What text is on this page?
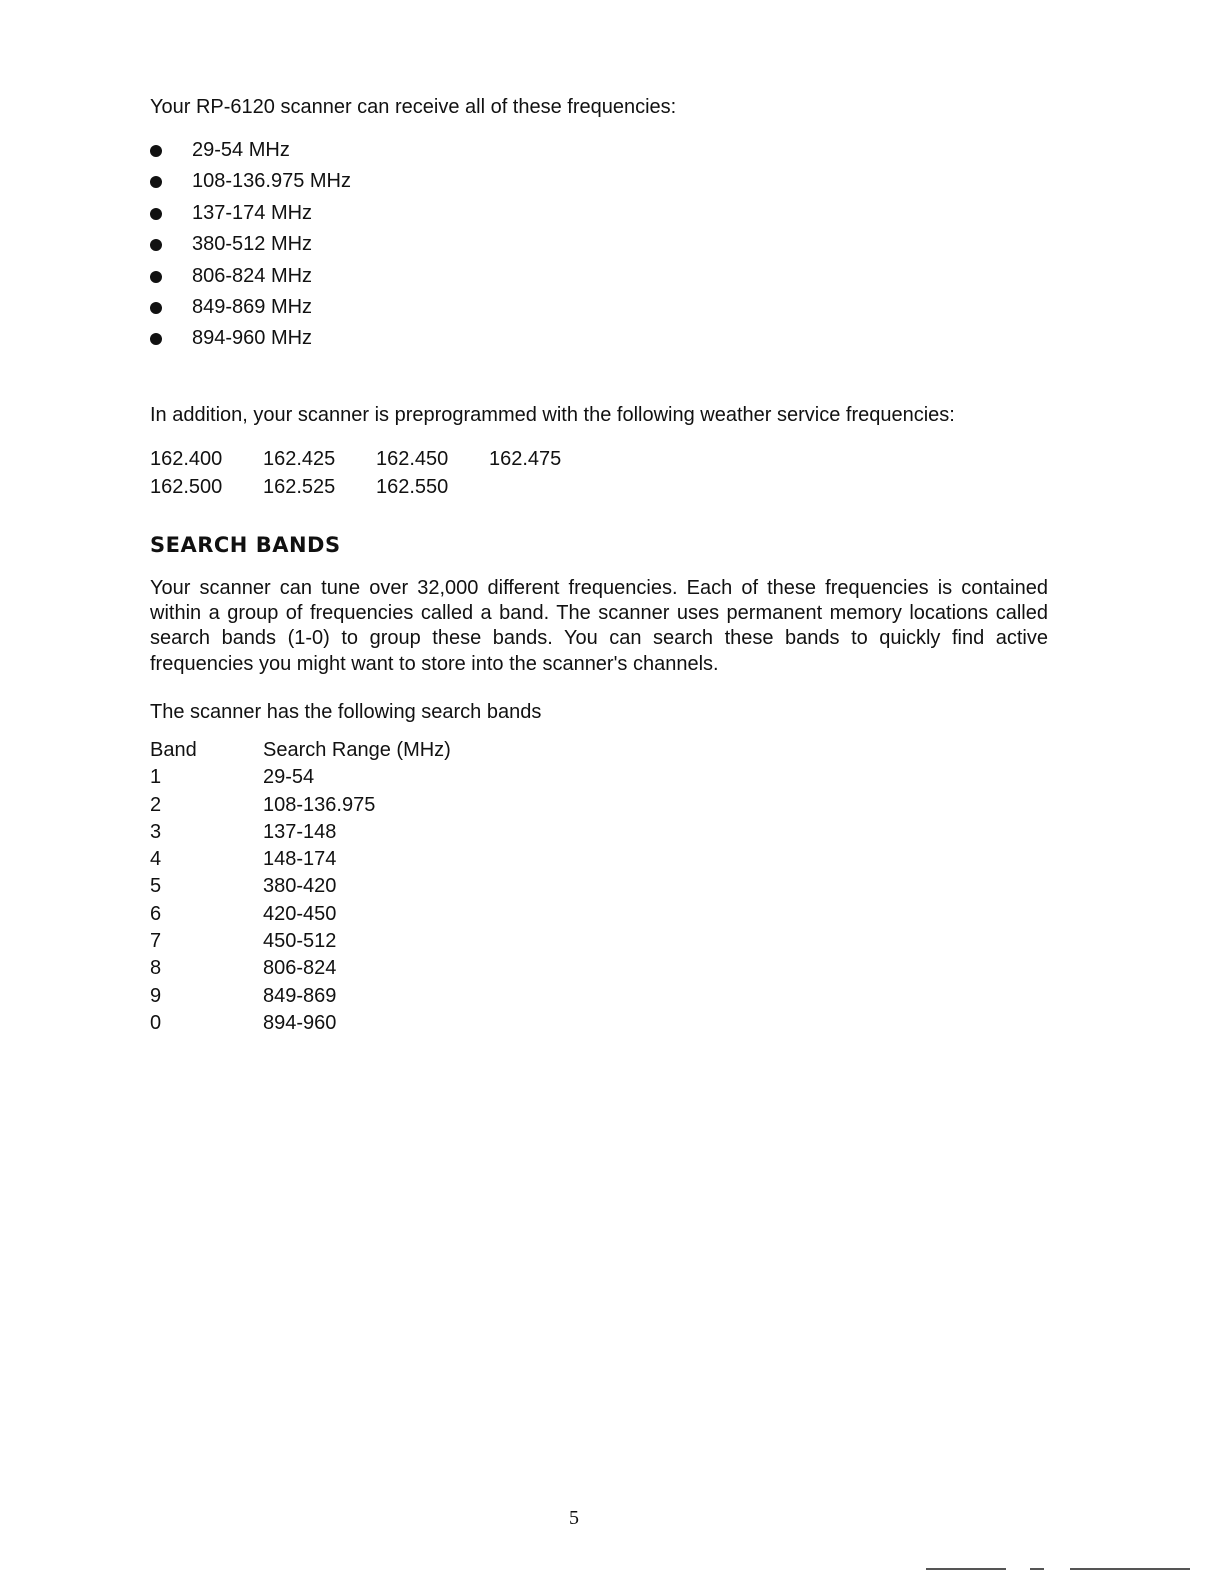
Your RP-6120 scanner can receive all of these frequencies:

29-54 MHz
108-136.975 MHz
137-174 MHz
380-512 MHz
806-824 MHz
849-869 MHz
894-960 MHz

In addition, your scanner is preprogrammed with the following weather service frequencies:

162.400	162.425	162.450	162.475
162.500	162.525	162.550
SEARCH BANDS

Your scanner can tune over 32,000 different frequencies. Each of these frequencies is contained within a group of frequencies called a band. The scanner uses permanent memory locations called search bands (1-0) to group these bands. You can search these bands to quickly find active frequencies you might want to store into the scanner's channels.

The scanner has the following search bands

Band	Search Range (MHz)
1	29-54
2	108-136.975
3	137-148
4	148-174
5	380-420
6	420-450
7	450-512
8	806-824
9	849-869
0	894-960
5
